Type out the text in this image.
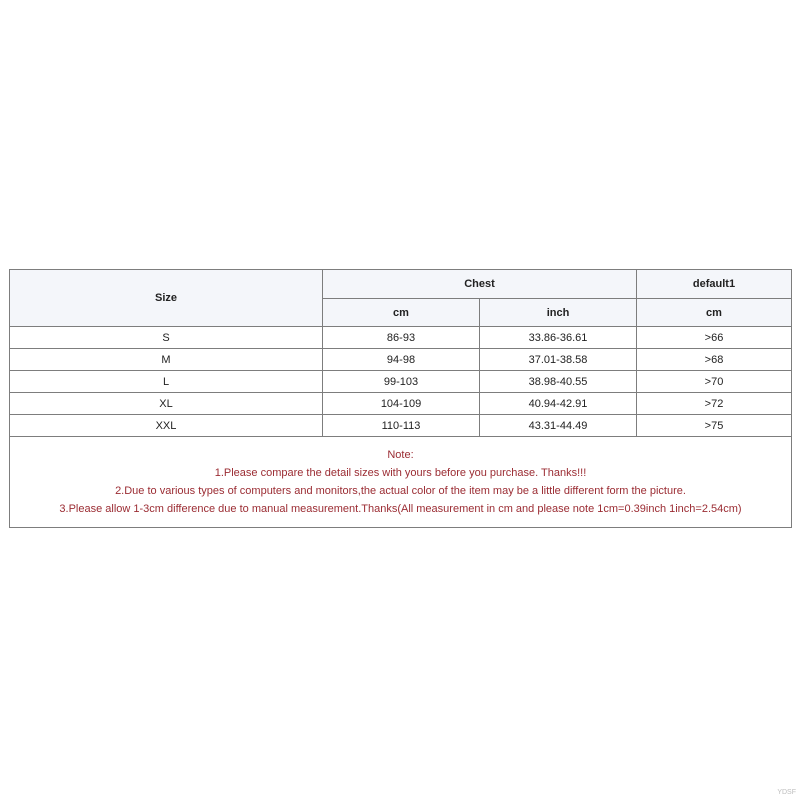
Size	Chest		default1
	cm	inch	cm
S	86-93	33.86-36.61	>66
M	94-98	37.01-38.58	>68
L	99-103	38.98-40.55	>70
XL	104-109	40.94-42.91	>72
XXL	110-113	43.31-44.49	>75

Note:
1.Please compare the detail sizes with yours before you purchase. Thanks!!!
2.Due to various types of computers and monitors,the actual color of the item may be a little different form the picture.
3.Please allow 1-3cm difference due to manual measurement.Thanks(All measurement in cm and please note 1cm=0.39inch 1inch=2.54cm)			
YDSF
